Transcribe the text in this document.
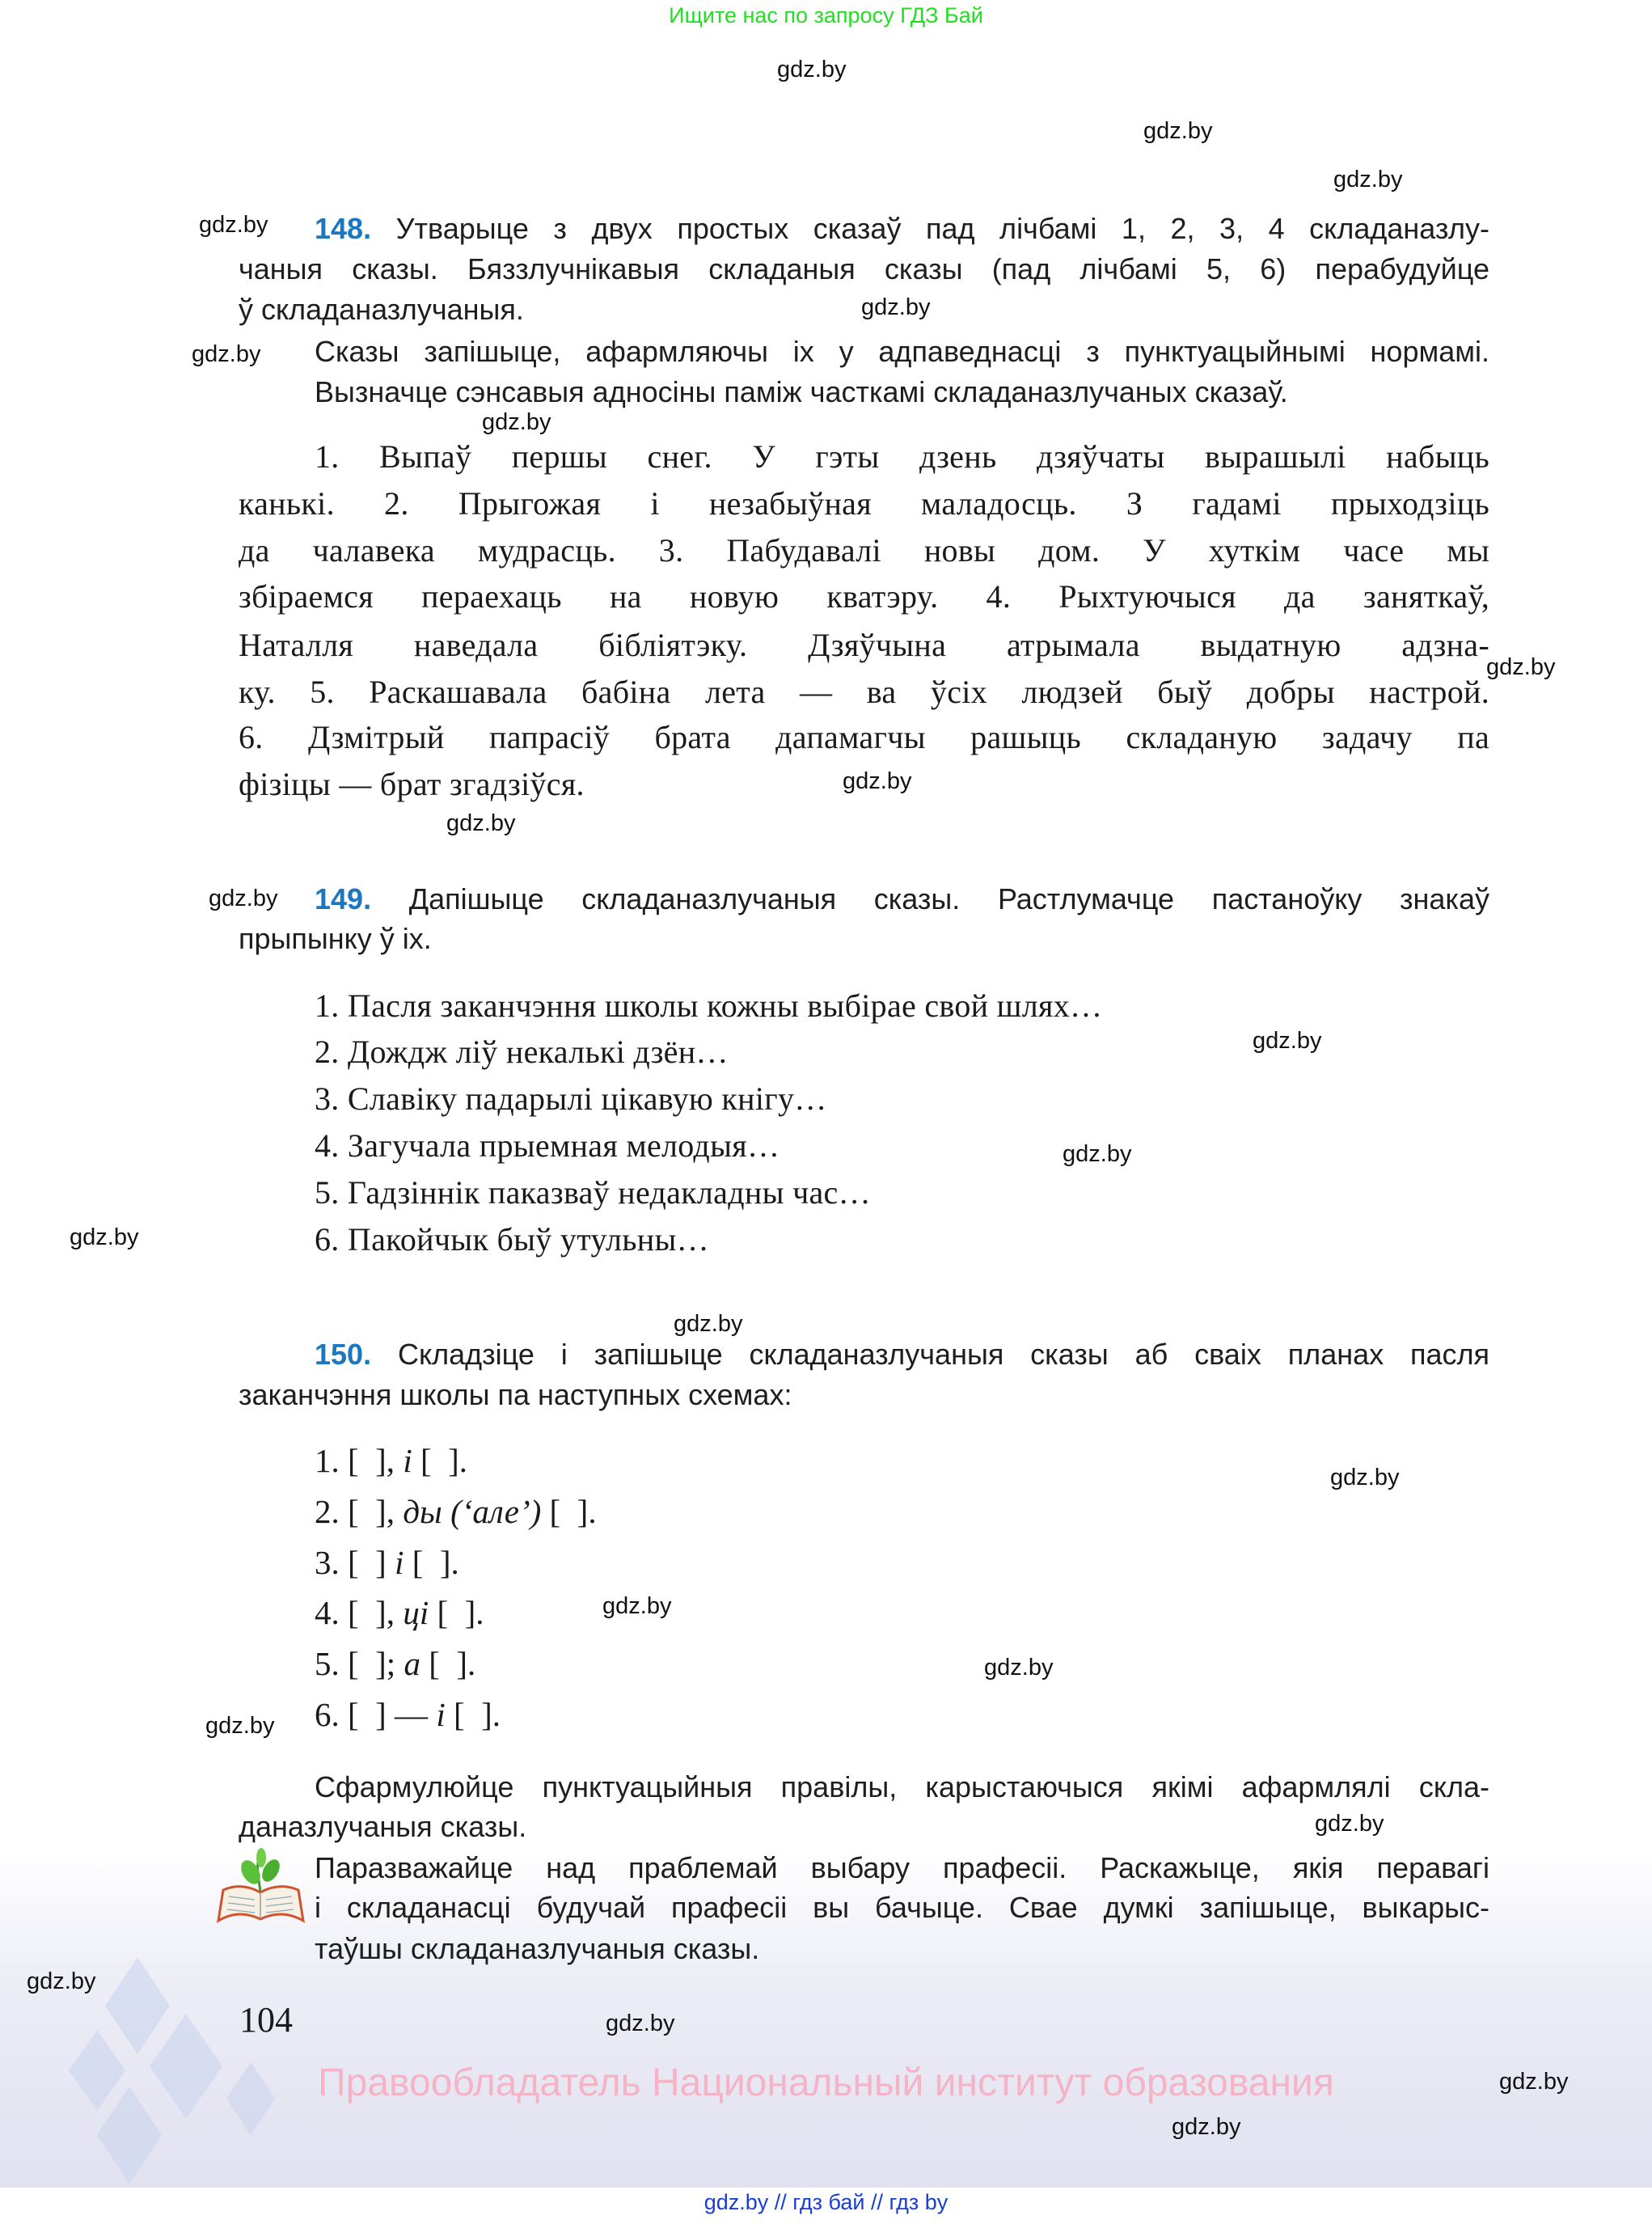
Ищите нас по запросу ГДЗ Бай
148. Утварыце з двух простых сказаў пад лічбамі 1, 2, 3, 4 складаназлу-
чаныя сказы. Бяззлучнікавыя складаныя сказы (пад лічбамі 5, 6) перабудуйце
ў складаназлучаныя.
Сказы запішыце, афармляючы іх у адпаведнасці з пунктуацыйнымі нормамі.
Вызначце сэнсавыя адносіны паміж часткамі складаназлучаных сказаў.
1. Выпаў першы снег. У гэты дзень дзяўчаты вырашылі набыць
канькі. 2. Прыгожая і незабыўная маладосць. З гадамі прыходзіць
да чалавека мудрасць. 3. Пабудавалі новы дом. У хуткім часе мы
збіраемся пераехаць на новую кватэру. 4. Рыхтуючыся да заняткаў,
Наталля наведала бібліятэку. Дзяўчына атрымала выдатную адзна-
ку. 5. Раскашавала бабіна лета — ва ўсіх людзей быў добры настрой.
6. Дзмітрый папрасіў брата дапамагчы рашыць складаную задачу па
фізіцы — брат згадзіўся.
149. Дапішыце складаназлучаныя сказы. Растлумачце пастаноўку знакаў
прыпынку ў іх.
1. Пасля заканчэння школы кожны выбірае свой шлях…
2. Дождж ліў некалькі дзён…
3. Славіку падарылі цікавую кнігу…
4. Загучала прыемная мелодыя…
5. Гадзіннік паказваў недакладны час…
6. Пакойчык быў утульны…
150. Складзіце і запішыце складаназлучаныя сказы аб сваіх планах пасля
заканчэння школы па наступных схемах:
1. [  ], і [  ].
2. [  ], ды (‘але’) [  ].
3. [  ] і [  ].
4. [  ], ці [  ].
5. [  ]; а [  ].
6. [  ] — і [  ].
Сфармулюйце пунктуацыйныя правілы, карыстаючыся якімі афармлялі скла-
даназлучаныя сказы.
Паразважайце над праблемай выбару прафесіі. Раскажыце, якія перавагі
і складанасці будучай прафесіі вы бачыце. Свае думкі запішыце, выкарыс-
таўшы складаназлучаныя сказы.
104
Правообладатель Национальный институт образования
gdz.by // гдз бай // гдз by
gdz.by
gdz.by
gdz.by
gdz.by
gdz.by
gdz.by
gdz.by
gdz.by
gdz.by
gdz.by
gdz.by
gdz.by
gdz.by
gdz.by
gdz.by
gdz.by
gdz.by
gdz.by
gdz.by
gdz.by
gdz.by
gdz.by
gdz.by
gdz.by
